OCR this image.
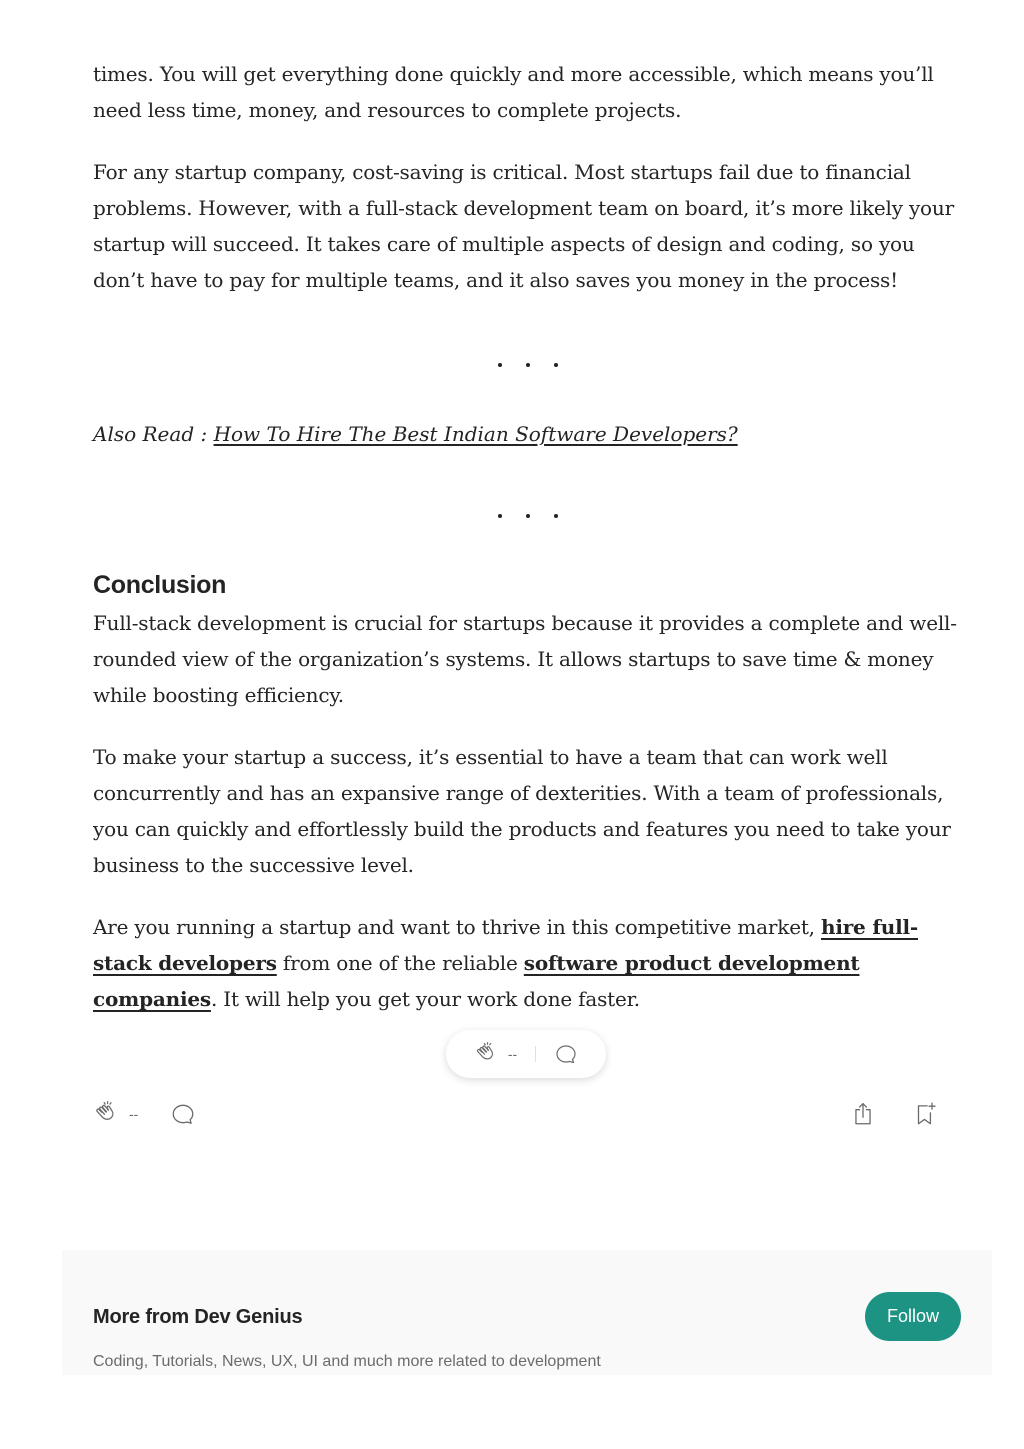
times. You will get everything done quickly and more accessible, which means you’ll need less time, money, and resources to complete projects.

For any startup company, cost-saving is critical. Most startups fail due to financial problems. However, with a full-stack development team on board, it’s more likely your startup will succeed. It takes care of multiple aspects of design and coding, so you don’t have to pay for multiple teams, and it also saves you money in the process!

Also Read : How To Hire The Best Indian Software Developers?
Conclusion

Full-stack development is crucial for startups because it provides a complete and well-rounded view of the organization’s systems. It allows startups to save time & money while boosting efficiency.

To make your startup a success, it’s essential to have a team that can work well concurrently and has an expansive range of dexterities. With a team of professionals, you can quickly and effortlessly build the products and features you need to take your business to the successive level.

Are you running a startup and want to thrive in this competitive market, hire full-stack developers from one of the reliable software product development companies. It will help you get your work done faster.

--
--
More from Dev Genius

Coding, Tutorials, News, UX, UI and much more related to development

Follow
